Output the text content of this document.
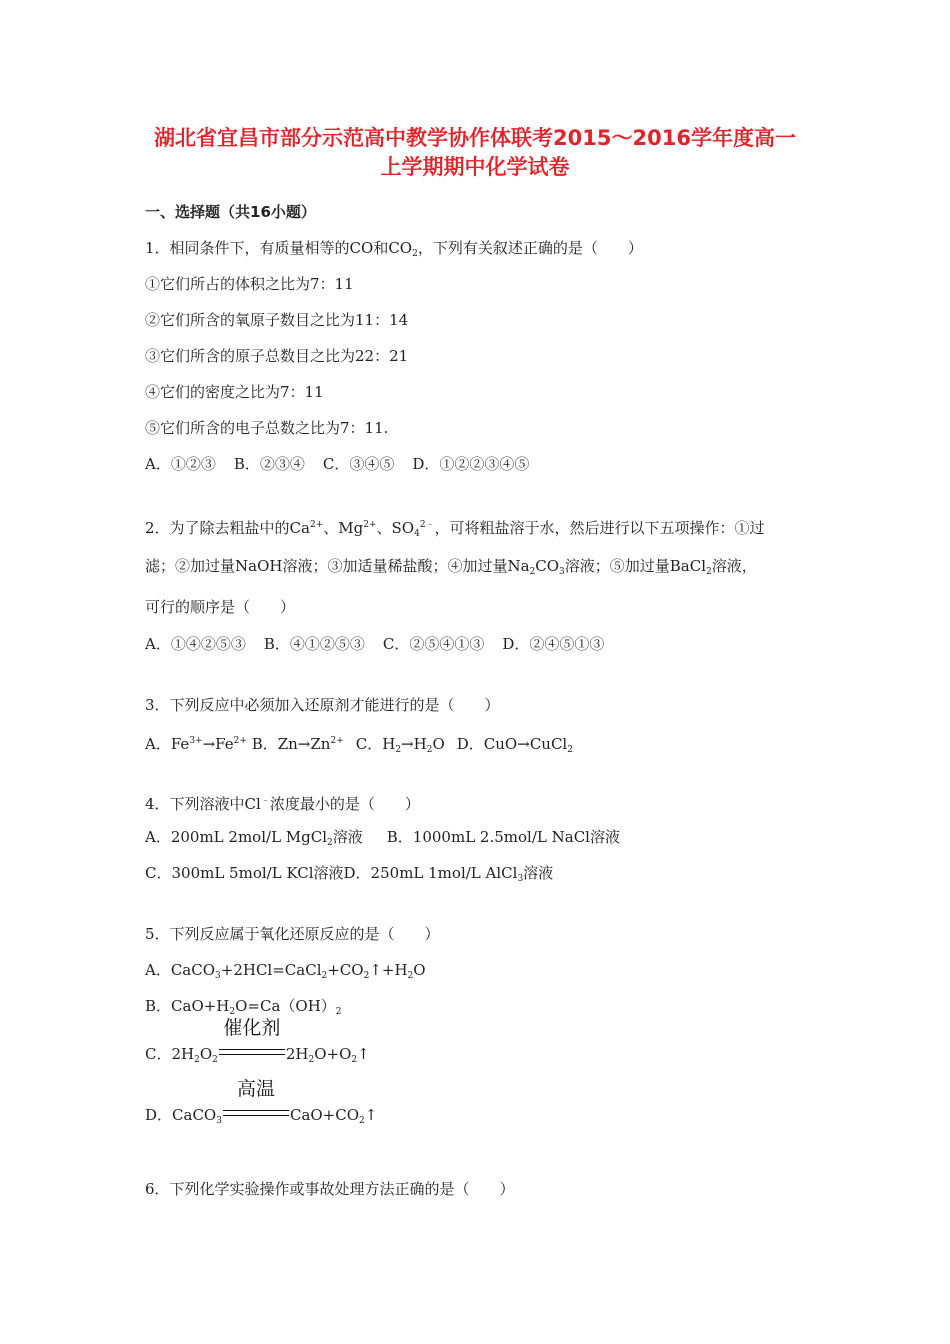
湖北省宜昌市部分示范高中教学协作体联考2015～2016学年度高一
上学期期中化学试卷
一、选择题（共16小题）
1．相同条件下，有质量相等的CO和$CO_2$，下列有关叙述正确的是（　　）
①它们所占的体积之比为7：11
②它们所含的氧原子数目之比为11：14
③它们所含的原子总数目之比为22：21
④它们的密度之比为7：11
⑤它们所含的电子总数之比为7：11.
A．①②③ B．②③④ C．③④⑤ D．①②②③④⑤
2．为了除去粗盐中的$Ca^{2+}$、$Mg^{2+}$、$SO_4^{2﹣}$，可将粗盐溶于水，然后进行以下五项操作：①过
滤；②加过量NaOH溶液；③加适量稀盐酸；④加过量$Na_2CO_3$溶液；⑤加过量BaCl$_2$溶液，
可行的顺序是（　　）
A．①④②⑤③ B．④①②⑤③ C．②⑤④①③ D．②④⑤①③
3．下列反应中必须加入还原剂才能进行的是（　　）
A．$Fe^{3+}\to Fe^{2+}$ B．$Zn\to Zn^{2+}$ C．$H_2\to H_2O$ D．CuO→CuCl$_2$
4．下列溶液中Cl﹣浓度最小的是（　　）
A．200mL 2mol/L MgCl$_2$溶液 B．1000mL 2.5mol/L NaCl溶液
C．300mL 5mol/L KCl溶液D．250mL 1mol/L AlCl$_3$溶液
5．下列反应属于氧化还原反应的是（　　）
A．$CaCO_3+2HCl=CaCl_2+CO_2↑+H_2O$
B．$CaO+H_2O=Ca(OH)_2$
C．$2H_2O_2$
催化剂
$2H_2O+O_2↑$
D．CaCO$_3$
高温
$CaO+CO_2↑$
6．下列化学实验操作或事故处理方法正确的是（　　）
